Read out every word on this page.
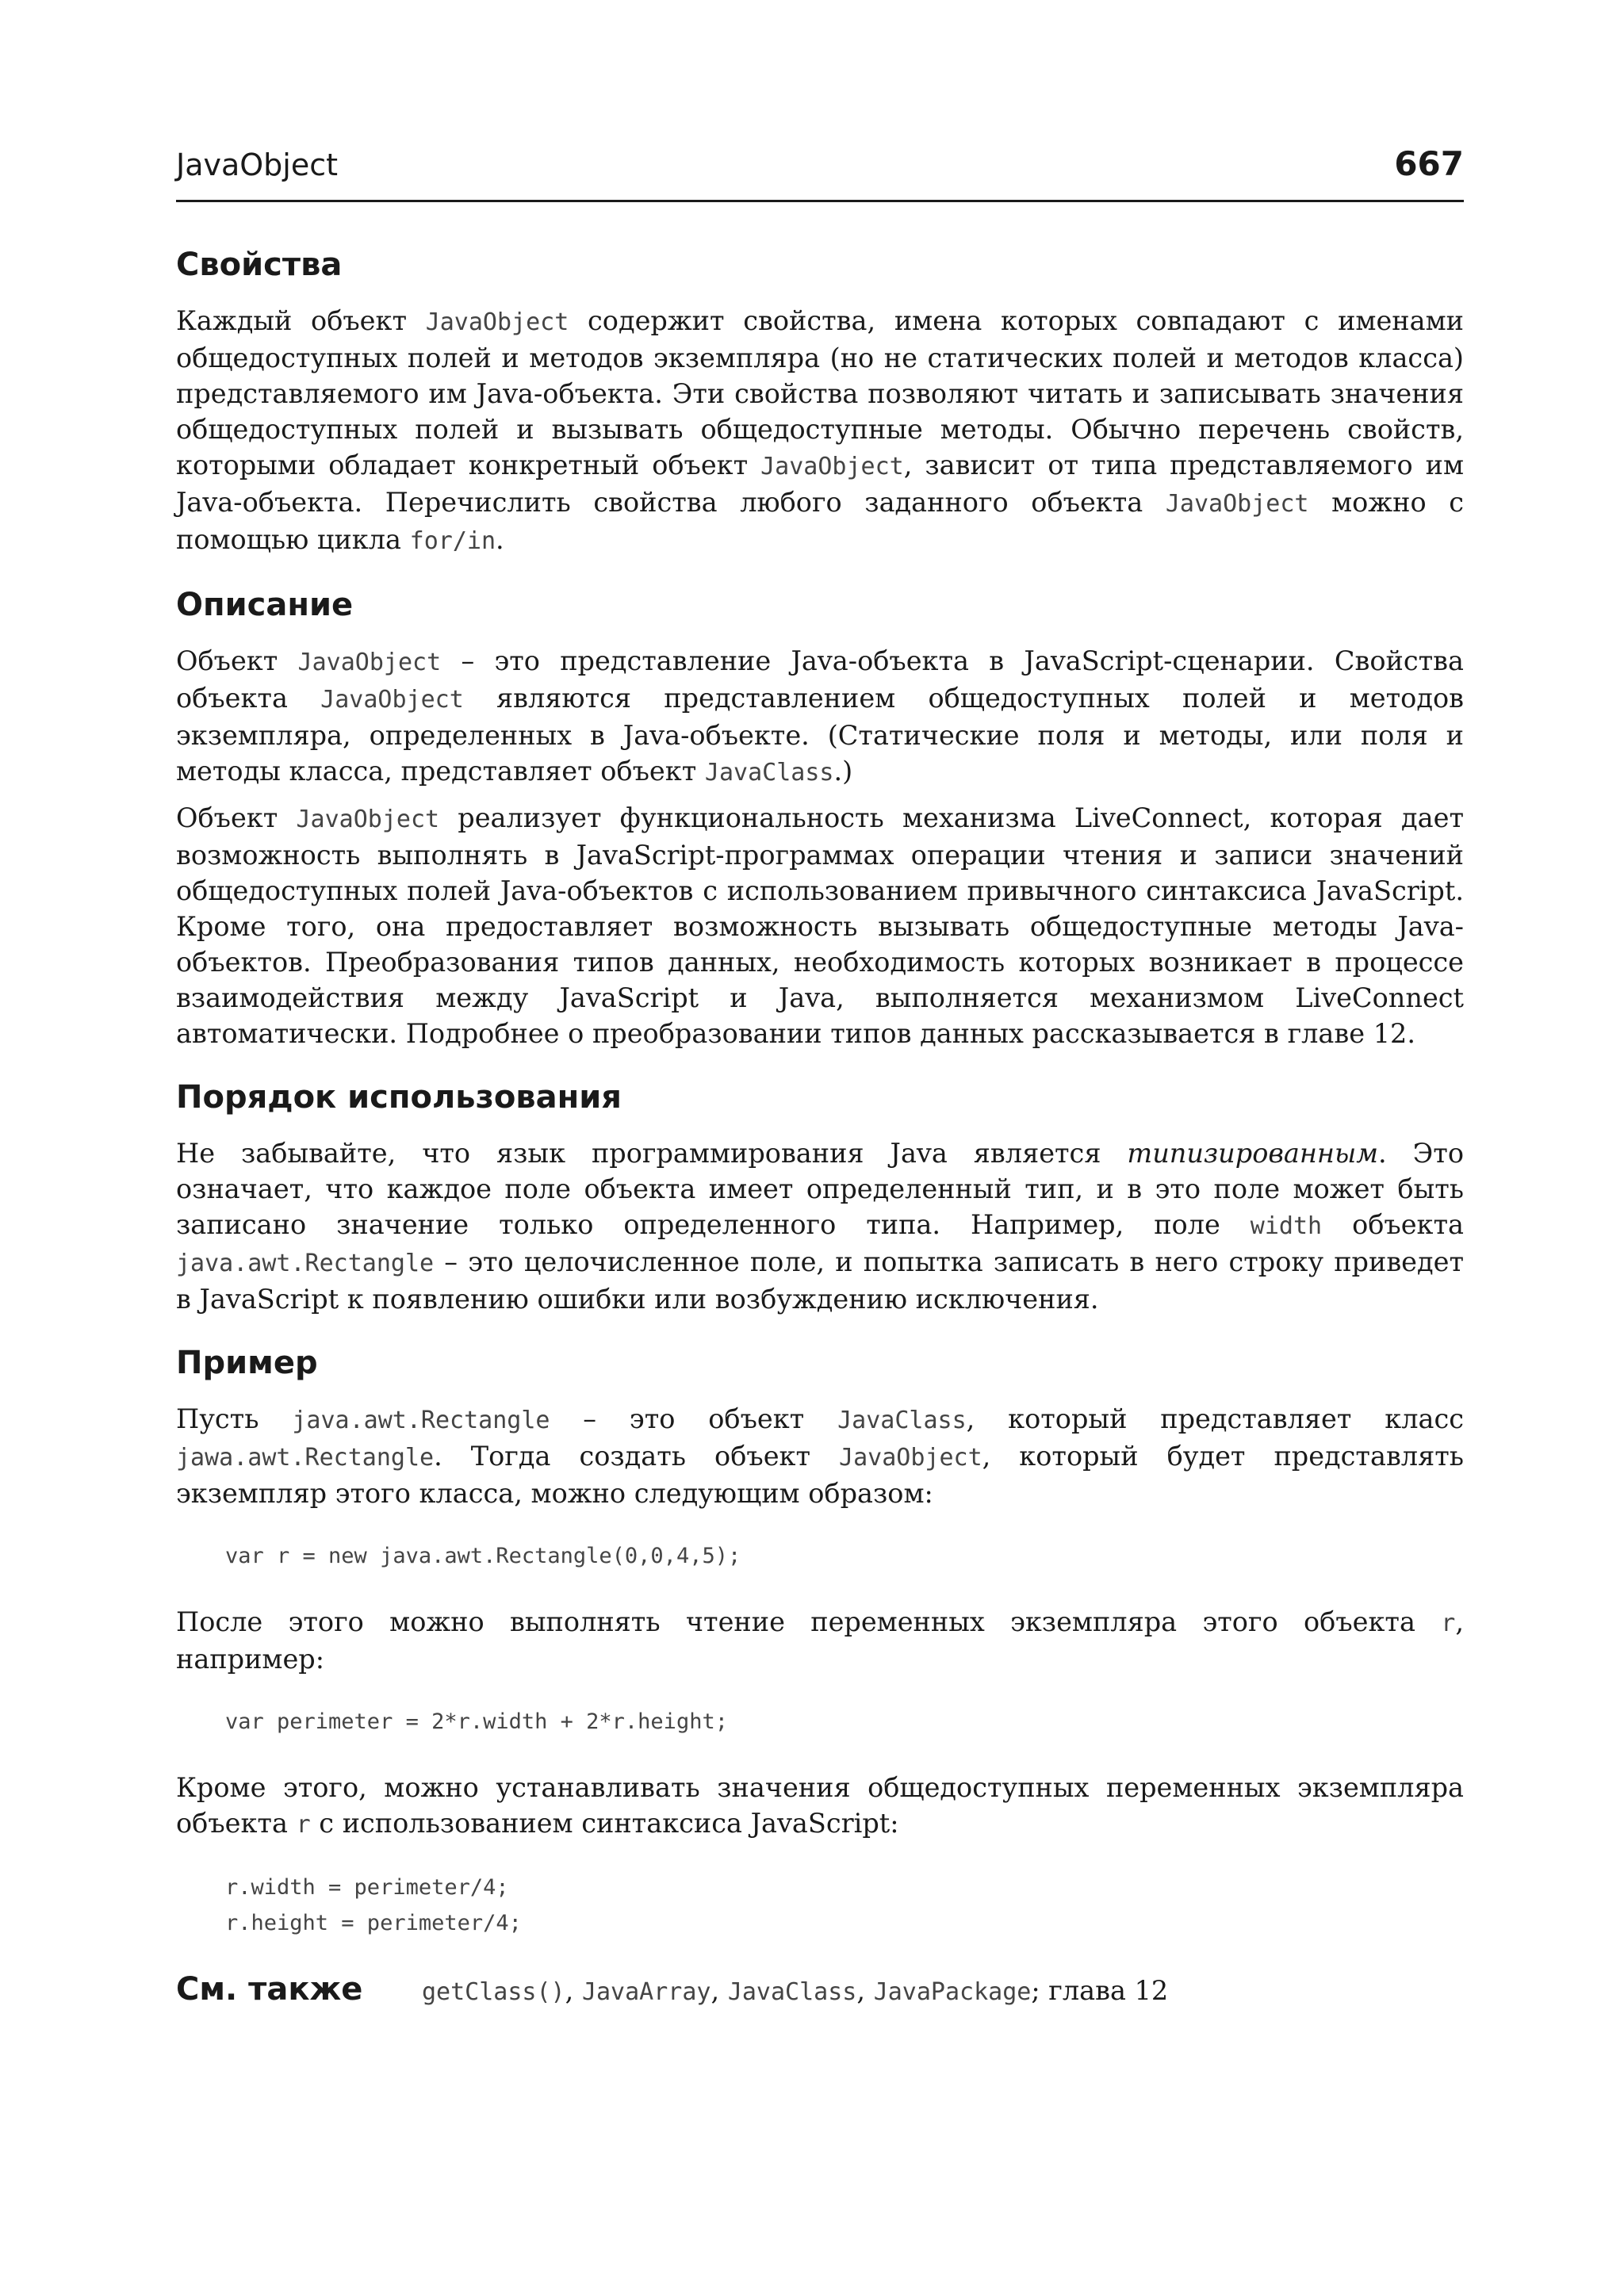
JavaObject	667
Свойства

Каждый объект JavaObject содержит свойства, имена которых совпадают с именами общедоступных полей и методов экземпляра (но не статических полей и методов класса) представляемого им Java-объекта. Эти свойства позволяют читать и записывать значения общедоступных полей и вызывать общедоступные методы. Обычно перечень свойств, которыми обладает конкретный объект JavaObject, зависит от типа представляемого им Java-объекта. Перечислить свойства любого заданного объекта JavaObject можно с помощью цикла for/in.

Описание

Объект JavaObject – это представление Java-объекта в JavaScript-сценарии. Свойства объекта JavaObject являются представлением общедоступных полей и методов экземпляра, определенных в Java-объекте. (Статические поля и методы, или поля и методы класса, представляет объект JavaClass.)

Объект JavaObject реализует функциональность механизма LiveConnect, которая дает возможность выполнять в JavaScript-программах операции чтения и записи значений общедоступных полей Java-объектов с использованием привычного синтаксиса JavaScript. Кроме того, она предоставляет возможность вызывать общедоступные методы Java-объектов. Преобразования типов данных, необходимость которых возникает в процессе взаимодействия между JavaScript и Java, выполняется механизмом LiveConnect автоматически. Подробнее о преобразовании типов данных рассказывается в главе 12.

Порядок использования

Не забывайте, что язык программирования Java является типизированным. Это означает, что каждое поле объекта имеет определенный тип, и в это поле может быть записано значение только определенного типа. Например, поле width объекта java.awt.Rectangle – это целочисленное поле, и попытка записать в него строку приведет в JavaScript к появлению ошибки или возбуждению исключения.

Пример

Пусть java.awt.Rectangle – это объект JavaClass, который представляет класс jawa.awt.Rectangle. Тогда создать объект JavaObject, который будет представлять экземпляр этого класса, можно следующим образом:

var r = new java.awt.Rectangle(0,0,4,5);

После этого можно выполнять чтение переменных экземпляра этого объекта r, например:

var perimeter = 2*r.width + 2*r.height;

Кроме этого, можно устанавливать значения общедоступных переменных экземпляра объекта r с использованием синтаксиса JavaScript:

r.width = perimeter/4;
r.height = perimeter/4;
См. также	getClass(), JavaArray, JavaClass, JavaPackage; глава 12
